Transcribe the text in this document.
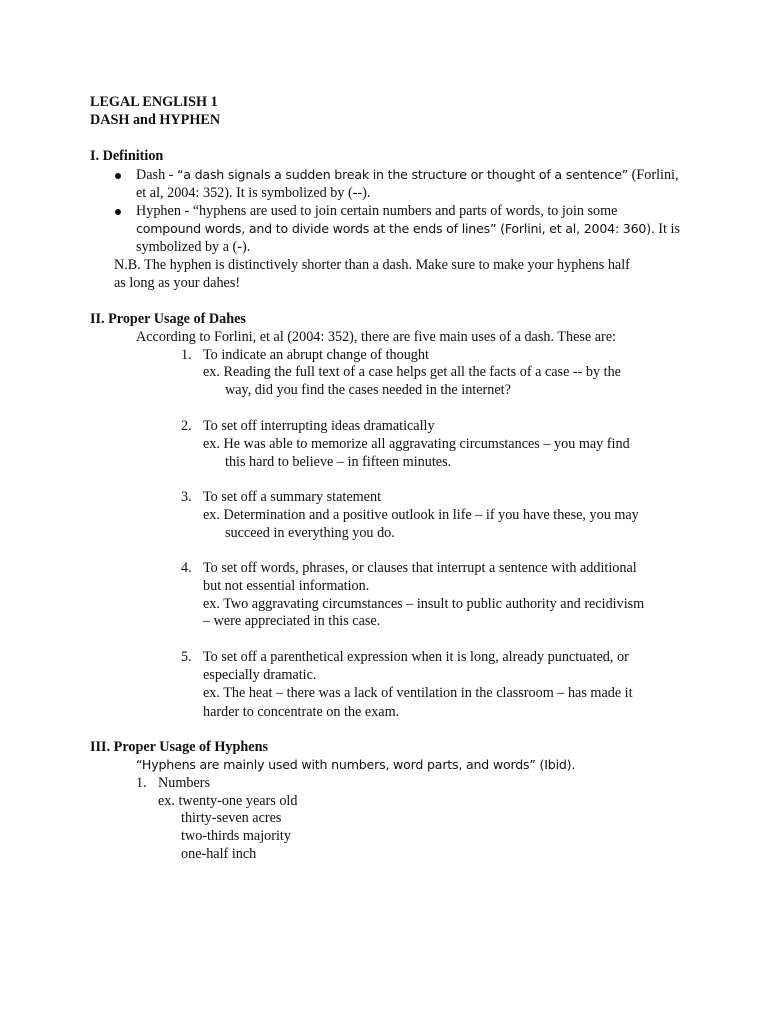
LEGAL ENGLISH 1
DASH and HYPHEN
I. Definition
Dash - “a dash signals a sudden break in the structure or thought of a sentence” (Forlini,
et al, 2004: 352). It is symbolized by (--).
Hyphen - “hyphens are used to join certain numbers and parts of words, to join some
compound words, and to divide words at the ends of lines” (Forlini, et al, 2004: 360). It is
symbolized by a (-).
N.B. The hyphen is distinctively shorter than a dash. Make sure to make your hyphens half
as long as your dahes!
II. Proper Usage of Dahes
According to Forlini, et al (2004: 352), there are five main uses of a dash. These are:
1. To indicate an abrupt change of thought
ex. Reading the full text of a case helps get all the facts of a case -- by the
way, did you find the cases needed in the internet?
2. To set off interrupting ideas dramatically
ex. He was able to memorize all aggravating circumstances – you may find
this hard to believe – in fifteen minutes.
3. To set off a summary statement
ex. Determination and a positive outlook in life – if you have these, you may
succeed in everything you do.
4. To set off words, phrases, or clauses that interrupt a sentence with additional
but not essential information.
ex. Two aggravating circumstances – insult to public authority and recidivism
– were appreciated in this case.
5. To set off a parenthetical expression when it is long, already punctuated, or
especially dramatic.
ex. The heat – there was a lack of ventilation in the classroom – has made it
harder to concentrate on the exam.
III. Proper Usage of Hyphens
“Hyphens are mainly used with numbers, word parts, and words” (Ibid).
1. Numbers
ex. twenty-one years old
thirty-seven acres
two-thirds majority
one-half inch
